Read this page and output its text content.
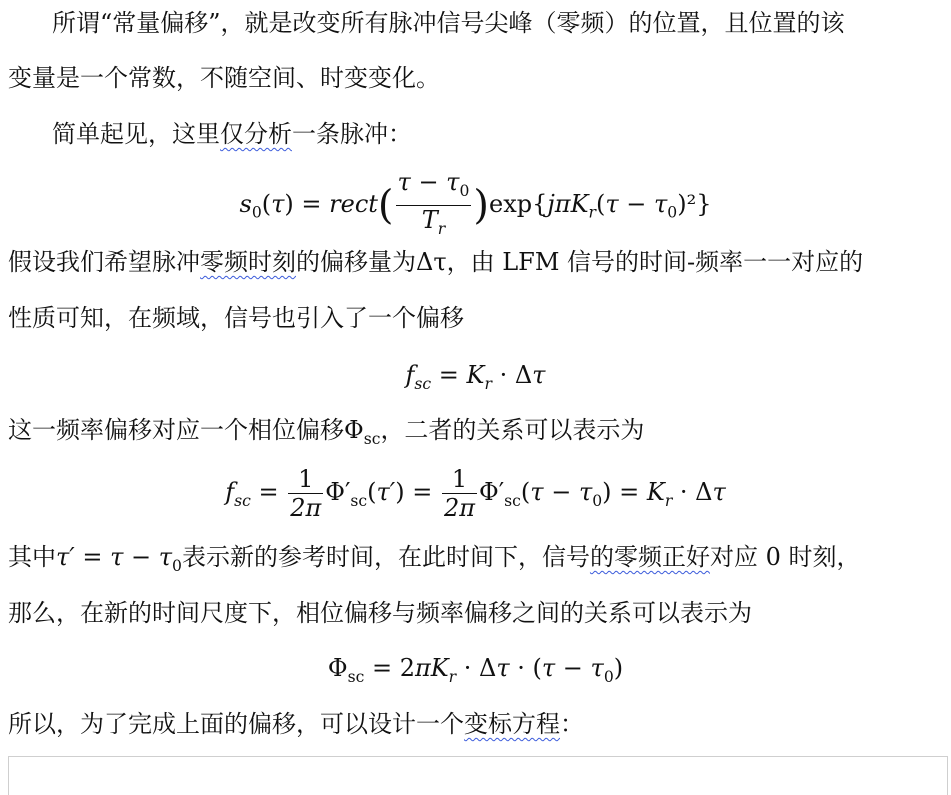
所谓“常量偏移”，就是改变所有脉冲信号尖峰（零频）的位置，且位置的该
变量是一个常数，不随空间、时变变化。
简单起见，这里仅分析一条脉冲：
$s_0(\tau)$ = rect( $\frac{\tau - \tau_0}{T_r} )\exp\{j\pi K_r(\tau - \tau_0)^2\}$
假设我们希望脉冲零频时刻的偏移量为Δτ，由 LFM 信号的时间-频率一一对应的
性质可知，在频域，信号也引入了一个偏移
$f_{sc} = K_r \cdot \Delta\tau$
这一频率偏移对应一个相位偏移$\Phi_{sc}$，二者的关系可以表示为
$f_{sc} = \frac{1}{2\pi} \Phi'_{sc}(\tau') = \frac{1}{2\pi} \Phi'_{sc}(\tau - \tau_0) = K_r \cdot \Delta\tau$
其中$\tau' = \tau - \tau_0$表示新的参考时间，在此时间下，信号的零频正好对应 0 时刻，
那么，在新的时间尺度下，相位偏移与频率偏移之间的关系可以表示为
$\Phi_{sc} = 2\pi K_r \cdot \Delta\tau \cdot (\tau - \tau_0)$
所以，为了完成上面的偏移，可以设计一个变标方程：
